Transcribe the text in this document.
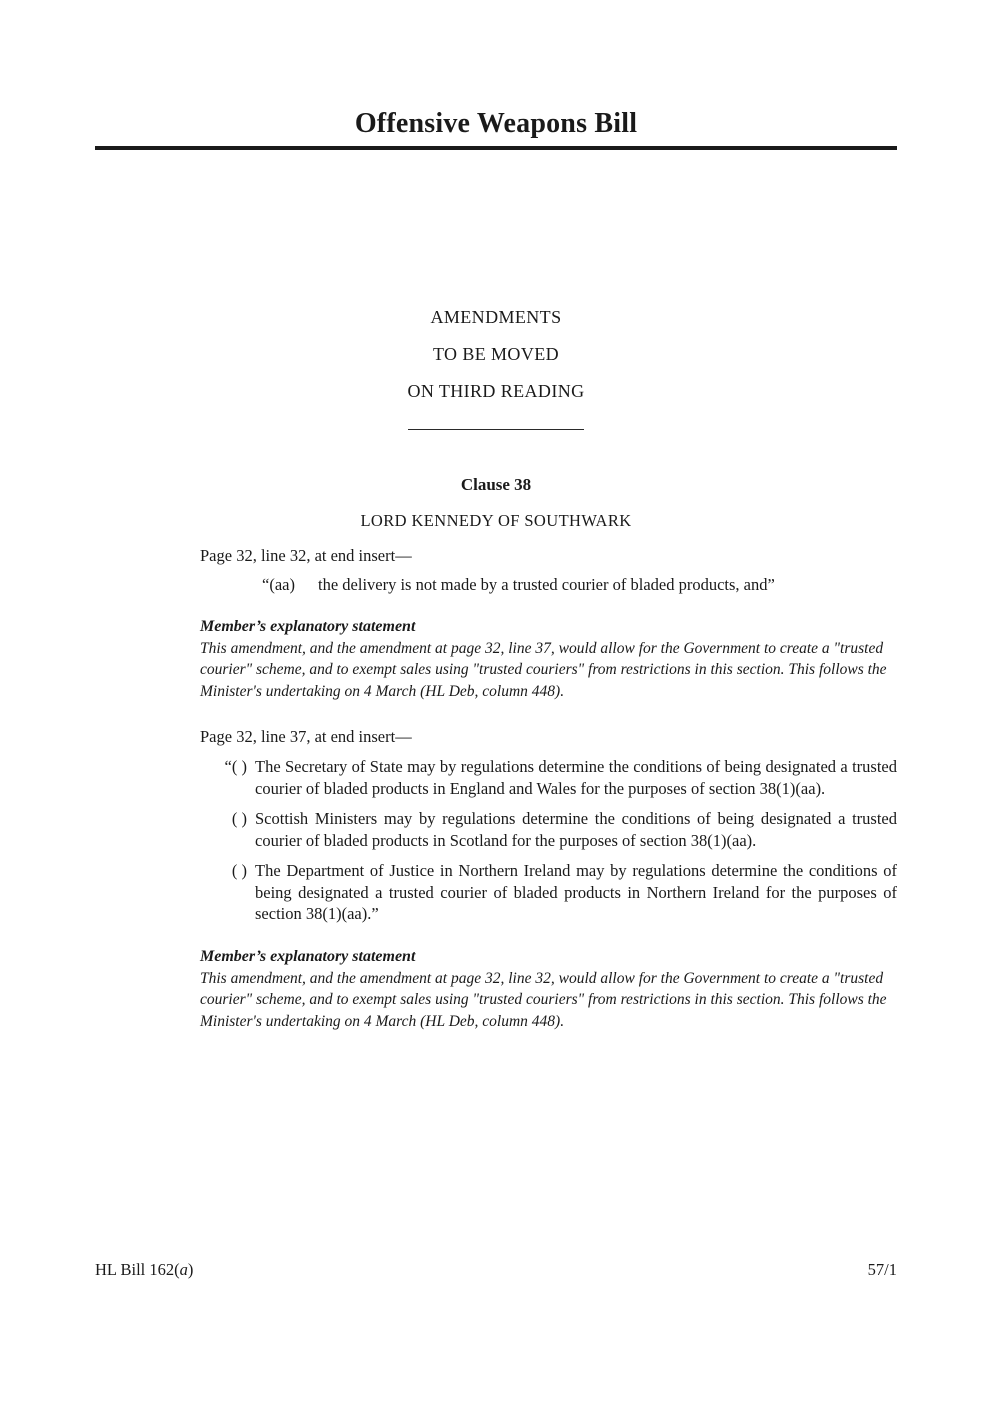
Offensive Weapons Bill
AMENDMENTS
TO BE MOVED
ON THIRD READING
Clause 38
LORD KENNEDY OF SOUTHWARK

Page 32, line 32, at end insert—

“(aa) the delivery is not made by a trusted courier of bladed products, and”

Member’s explanatory statement

This amendment, and the amendment at page 32, line 37, would allow for the Government to create a "trusted courier" scheme, and to exempt sales using "trusted couriers" from restrictions in this section. This follows the Minister's undertaking on 4 March (HL Deb, column 448).

Page 32, line 37, at end insert—

“( ) The Secretary of State may by regulations determine the conditions of being designated a trusted courier of bladed products in England and Wales for the purposes of section 38(1)(aa).

( ) Scottish Ministers may by regulations determine the conditions of being designated a trusted courier of bladed products in Scotland for the purposes of section 38(1)(aa).

( ) The Department of Justice in Northern Ireland may by regulations determine the conditions of being designated a trusted courier of bladed products in Northern Ireland for the purposes of section 38(1)(aa).”

Member’s explanatory statement

This amendment, and the amendment at page 32, line 32, would allow for the Government to create a "trusted courier" scheme, and to exempt sales using "trusted couriers" from restrictions in this section. This follows the Minister's undertaking on 4 March (HL Deb, column 448).

HL Bill 162(a)	57/1
